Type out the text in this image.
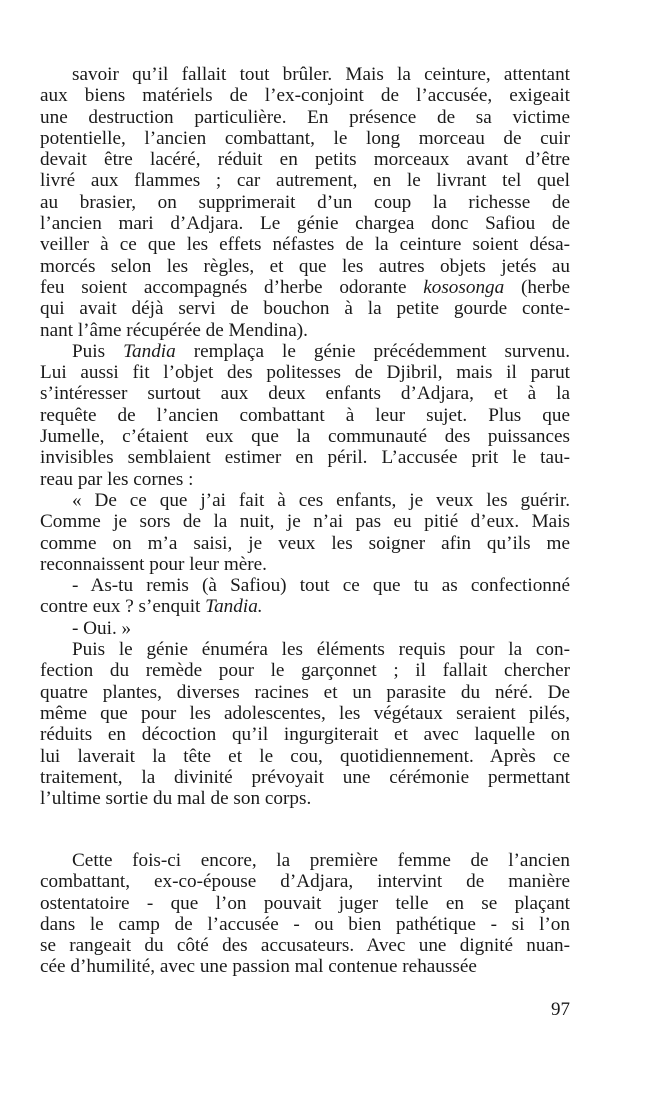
savoir qu’il fallait tout brûler. Mais la ceinture, attentant
aux biens matériels de l’ex-conjoint de l’accusée, exigeait
une destruction particulière. En présence de sa victime
potentielle, l’ancien combattant, le long morceau de cuir
devait être lacéré, réduit en petits morceaux avant d’être
livré aux flammes ; car autrement, en le livrant tel quel
au brasier, on supprimerait d’un coup la richesse de
l’ancien mari d’Adjara. Le génie chargea donc Safiou de
veiller à ce que les effets néfastes de la ceinture soient désa-
morcés selon les règles, et que les autres objets jetés au
feu soient accompagnés d’herbe odorante kososonga (herbe
qui avait déjà servi de bouchon à la petite gourde conte-
nant l’âme récupérée de Mendina).
Puis Tandia remplaça le génie précédemment survenu.
Lui aussi fit l’objet des politesses de Djibril, mais il parut
s’intéresser surtout aux deux enfants d’Adjara, et à la
requête de l’ancien combattant à leur sujet. Plus que
Jumelle, c’étaient eux que la communauté des puissances
invisibles semblaient estimer en péril. L’accusée prit le tau-
reau par les cornes :
« De ce que j’ai fait à ces enfants, je veux les guérir.
Comme je sors de la nuit, je n’ai pas eu pitié d’eux. Mais
comme on m’a saisi, je veux les soigner afin qu’ils me
reconnaissent pour leur mère.
- As-tu remis (à Safiou) tout ce que tu as confectionné
contre eux ? s’enquit Tandia.
- Oui. »
Puis le génie énuméra les éléments requis pour la con-
fection du remède pour le garçonnet ; il fallait chercher
quatre plantes, diverses racines et un parasite du néré. De
même que pour les adolescentes, les végétaux seraient pilés,
réduits en décoction qu’il ingurgiterait et avec laquelle on
lui laverait la tête et le cou, quotidiennement. Après ce
traitement, la divinité prévoyait une cérémonie permettant
l’ultime sortie du mal de son corps.
Cette fois-ci encore, la première femme de l’ancien
combattant, ex-co-épouse d’Adjara, intervint de manière
ostentatoire - que l’on pouvait juger telle en se plaçant
dans le camp de l’accusée - ou bien pathétique - si l’on
se rangeait du côté des accusateurs. Avec une dignité nuan-
cée d’humilité, avec une passion mal contenue rehaussée
97
